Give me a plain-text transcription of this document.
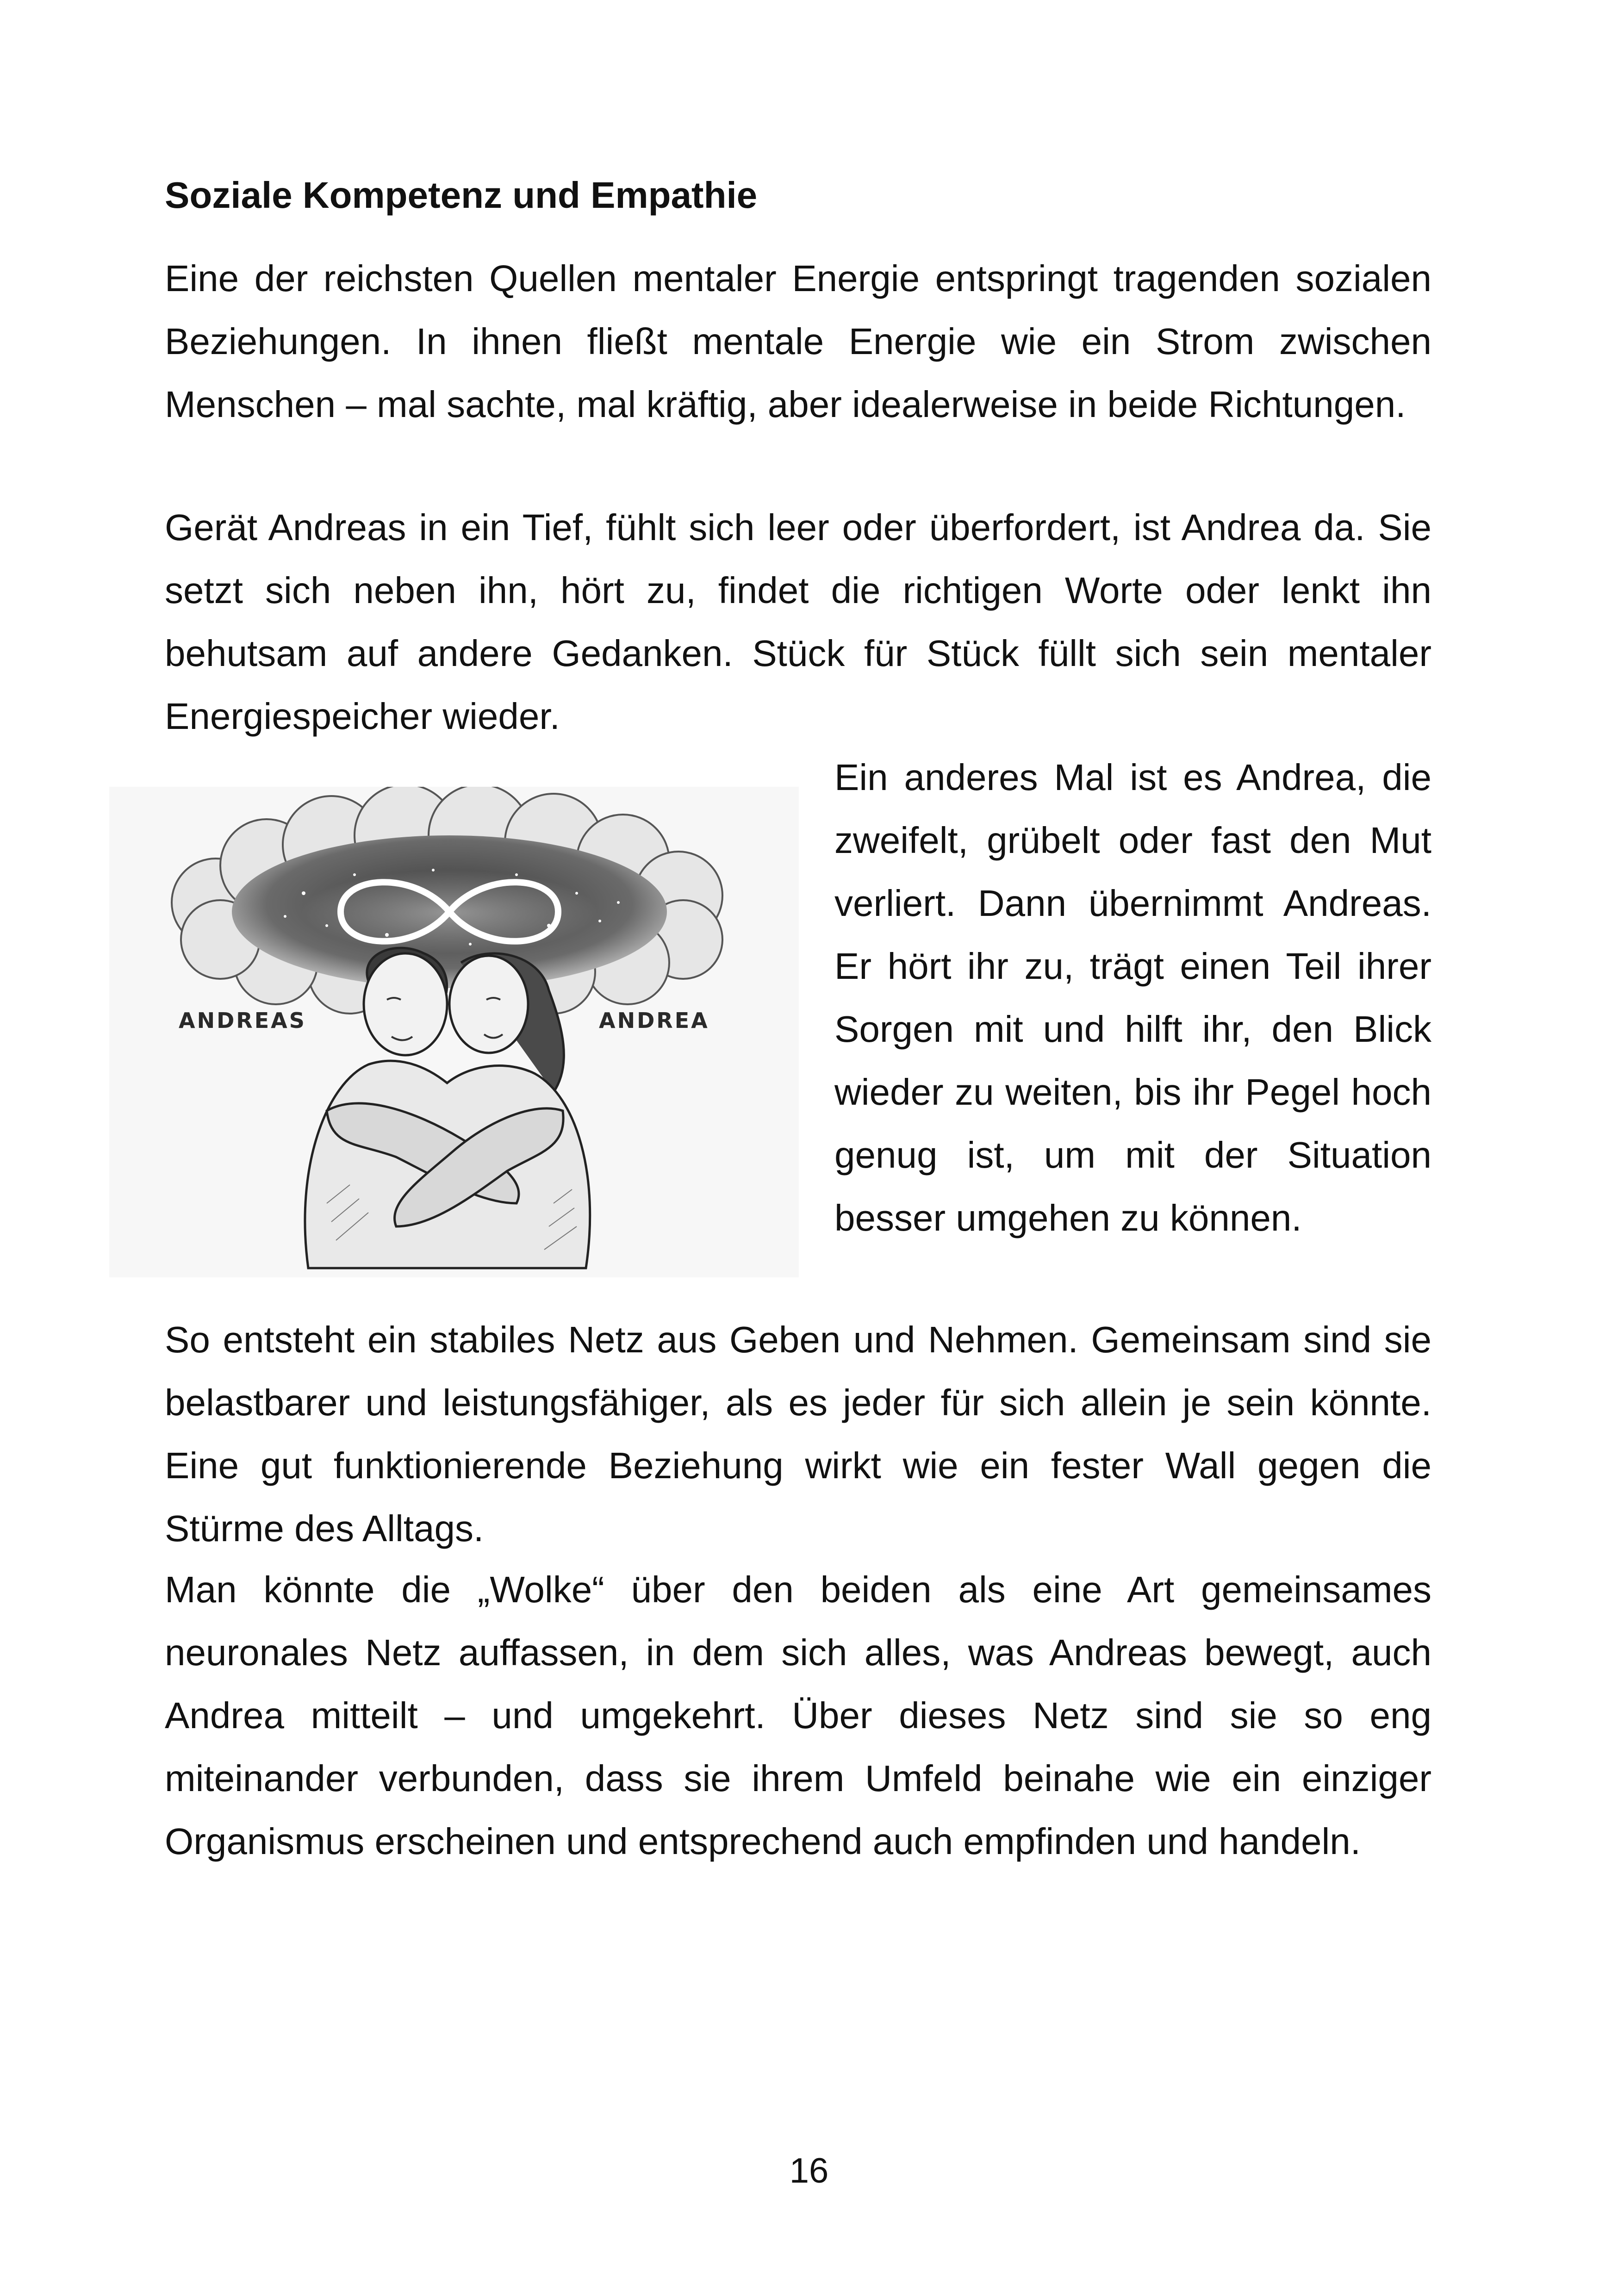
Soziale Kompetenz und Empathie

Eine der reichsten Quellen mentaler Energie entspringt tragenden sozialen Beziehungen. In ihnen fließt mentale Energie wie ein Strom zwischen Menschen – mal sachte, mal kräftig, aber idealerweise in beide Richtungen.

Gerät Andreas in ein Tief, fühlt sich leer oder überfordert, ist Andrea da. Sie setzt sich neben ihn, hört zu, findet die richtigen Worte oder lenkt ihn behutsam auf andere Gedanken. Stück für Stück füllt sich sein mentaler Energiespeicher wieder.

ANDREAS	ANDREA

Ein anderes Mal ist es Andrea, die zweifelt, grübelt oder fast den Mut verliert. Dann übernimmt Andreas. Er hört ihr zu, trägt einen Teil ihrer Sorgen mit und hilft ihr, den Blick wieder zu weiten, bis ihr Pegel hoch genug ist, um mit der Situation besser umgehen zu können.

So entsteht ein stabiles Netz aus Geben und Nehmen. Gemeinsam sind sie belastbarer und leistungsfähiger, als es jeder für sich allein je sein könnte. Eine gut funktionierende Beziehung wirkt wie ein fester Wall gegen die Stürme des Alltags.

Man könnte die „Wolke“ über den beiden als eine Art gemeinsames neuronales Netz auffassen, in dem sich alles, was Andreas bewegt, auch Andrea mitteilt – und umgekehrt. Über dieses Netz sind sie so eng miteinander verbunden, dass sie ihrem Umfeld beinahe wie ein einziger Organismus erscheinen und entsprechend auch empfinden und handeln.

16
